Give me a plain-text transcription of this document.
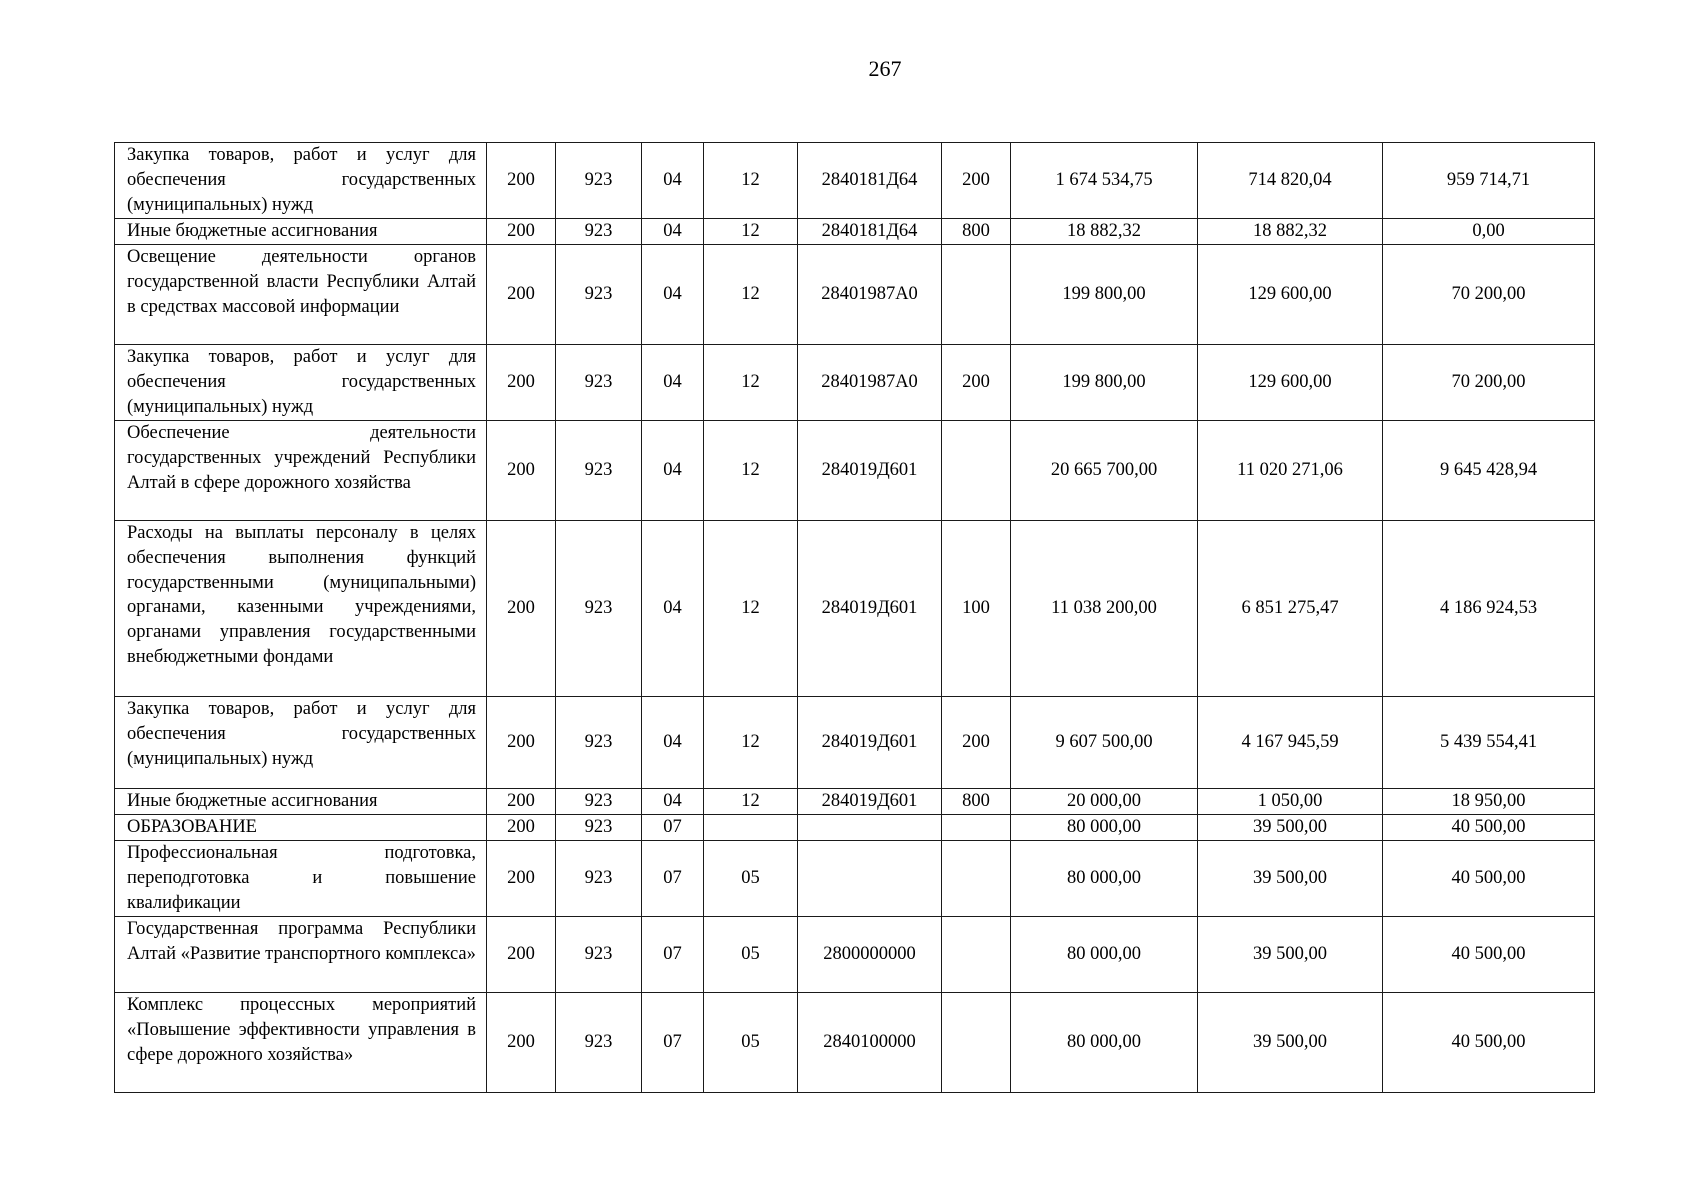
267
Закупка товаров, работ и услуг для обеспечения государственных (муниципальных) нужд	200	923	04	12	2840181Д64	200	1 674 534,75	714 820,04	959 714,71
Иные бюджетные ассигнования	200	923	04	12	2840181Д64	800	18 882,32	18 882,32	0,00
Освещение деятельности органов государственной власти Республики Алтай в средствах массовой информации	200	923	04	12	28401987А0		199 800,00	129 600,00	70 200,00
Закупка товаров, работ и услуг для обеспечения государственных (муниципальных) нужд	200	923	04	12	28401987А0	200	199 800,00	129 600,00	70 200,00
Обеспечение деятельности государственных учреждений Республики Алтай в сфере дорожного хозяйства	200	923	04	12	284019Д601		20 665 700,00	11 020 271,06	9 645 428,94
Расходы на выплаты персоналу в целях обеспечения выполнения функций государственными (муниципальными) органами, казенными учреждениями, органами управления государственными внебюджетными фондами	200	923	04	12	284019Д601	100	11 038 200,00	6 851 275,47	4 186 924,53
Закупка товаров, работ и услуг для обеспечения государственных (муниципальных) нужд	200	923	04	12	284019Д601	200	9 607 500,00	4 167 945,59	5 439 554,41
Иные бюджетные ассигнования	200	923	04	12	284019Д601	800	20 000,00	1 050,00	18 950,00
ОБРАЗОВАНИЕ	200	923	07				80 000,00	39 500,00	40 500,00
Профессиональная подготовка, переподготовка и повышение квалификации	200	923	07	05			80 000,00	39 500,00	40 500,00
Государственная программа Республики Алтай «Развитие транспортного комплекса»	200	923	07	05	2800000000		80 000,00	39 500,00	40 500,00
Комплекс процессных мероприятий «Повышение эффективности управления в сфере дорожного хозяйства»	200	923	07	05	2840100000		80 000,00	39 500,00	40 500,00
